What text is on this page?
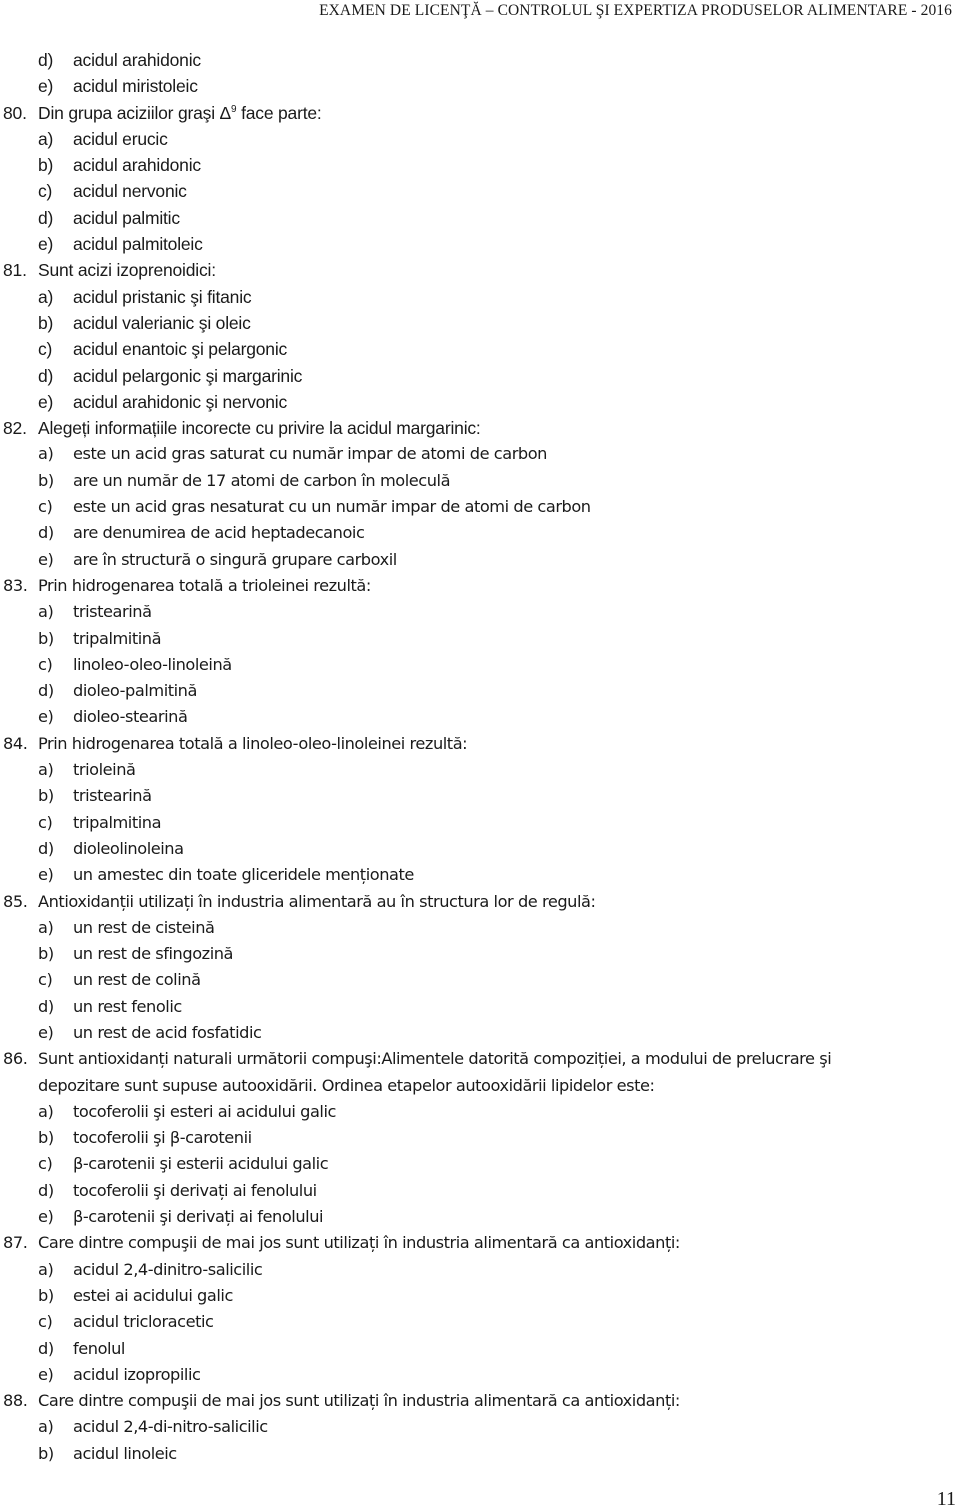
EXAMEN DE LICENŢĂ – CONTROLUL ŞI EXPERTIZA PRODUSELOR ALIMENTARE - 2016
d) acidul arahidonic
e) acidul miristoleic
80. Din grupa aciziilor graşi $\Delta^9$ face parte:
a) acidul erucic
b) acidul arahidonic
c) acidul nervonic
d) acidul palmitic
e) acidul palmitoleic
81. Sunt acizi izoprenoidici:
a) acidul pristanic şi fitanic
b) acidul valerianic şi oleic
c) acidul enantoic şi pelargonic
d) acidul pelargonic şi margarinic
e) acidul arahidonic şi nervonic
82. Alegeți informațiile incorecte cu privire la acidul margarinic:
a) este un acid gras saturat cu număr impar de atomi de carbon
b) are un număr de 17 atomi de carbon în moleculă
c) este un acid gras nesaturat cu un număr impar de atomi de carbon
d) are denumirea de acid heptadecanoic
e) are în structură o singură grupare carboxil
83. Prin hidrogenarea totală a trioleinei rezultă:
a) tristearină
b) tripalmitină
c) linoleo-oleo-linoleină
d) dioleo-palmitină
e) dioleo-stearină
84. Prin hidrogenarea totală a linoleo-oleo-linoleinei rezultă:
a) trioleină
b) tristearină
c) tripalmitina
d) dioleolinoleina
e) un amestec din toate gliceridele menționate
85. Antioxidanții utilizați în industria alimentară au în structura lor de regulă:
a) un rest de cisteină
b) un rest de sfingozină
c) un rest de colină
d) un rest fenolic
e) un rest de acid fosfatidic
86. Sunt antioxidanți naturali următorii compuşi:Alimentele datorită compoziției, a modului de prelucrare şi
depozitare sunt supuse autooxidării. Ordinea etapelor autooxidării lipidelor este:
a) tocoferolii şi esteri ai acidului galic
b) tocoferolii şi β-carotenii
c) β-carotenii şi esterii acidului galic
d) tocoferolii şi derivați ai fenolului
e) β-carotenii şi derivați ai fenolului
87. Care dintre compuşii de mai jos sunt utilizați în industria alimentară ca antioxidanți:
a) acidul 2,4-dinitro-salicilic
b) estei ai acidului galic
c) acidul tricloracetic
d) fenolul
e) acidul izopropilic
88. Care dintre compuşii de mai jos sunt utilizați în industria alimentară ca antioxidanți:
a) acidul 2,4-di-nitro-salicilic
b) acidul linoleic
11
